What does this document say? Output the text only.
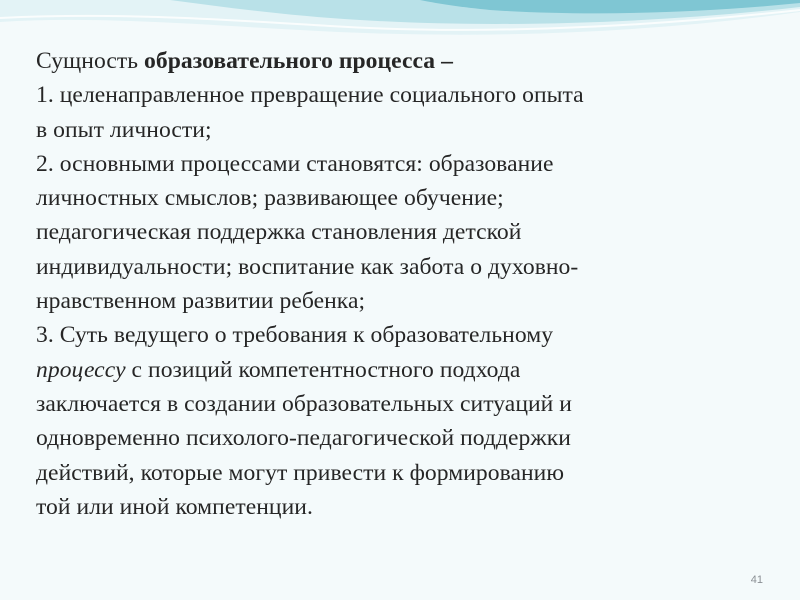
Сущность образовательного процесса –
1. целенаправленное превращение социального опыта
в опыт личности;
2. основными процессами становятся: образование
личностных смыслов; развивающее обучение;
педагогическая поддержка становления детской
индивидуальности; воспитание как забота о духовно-
нравственном развитии ребенка;
3. Суть ведущего о требования к образовательному
процессу с позиций компетентностного подхода
заключается в создании образовательных ситуаций и
одновременно психолого-педагогической поддержки
действий, которые могут привести к формированию
той или иной компетенции.
41
